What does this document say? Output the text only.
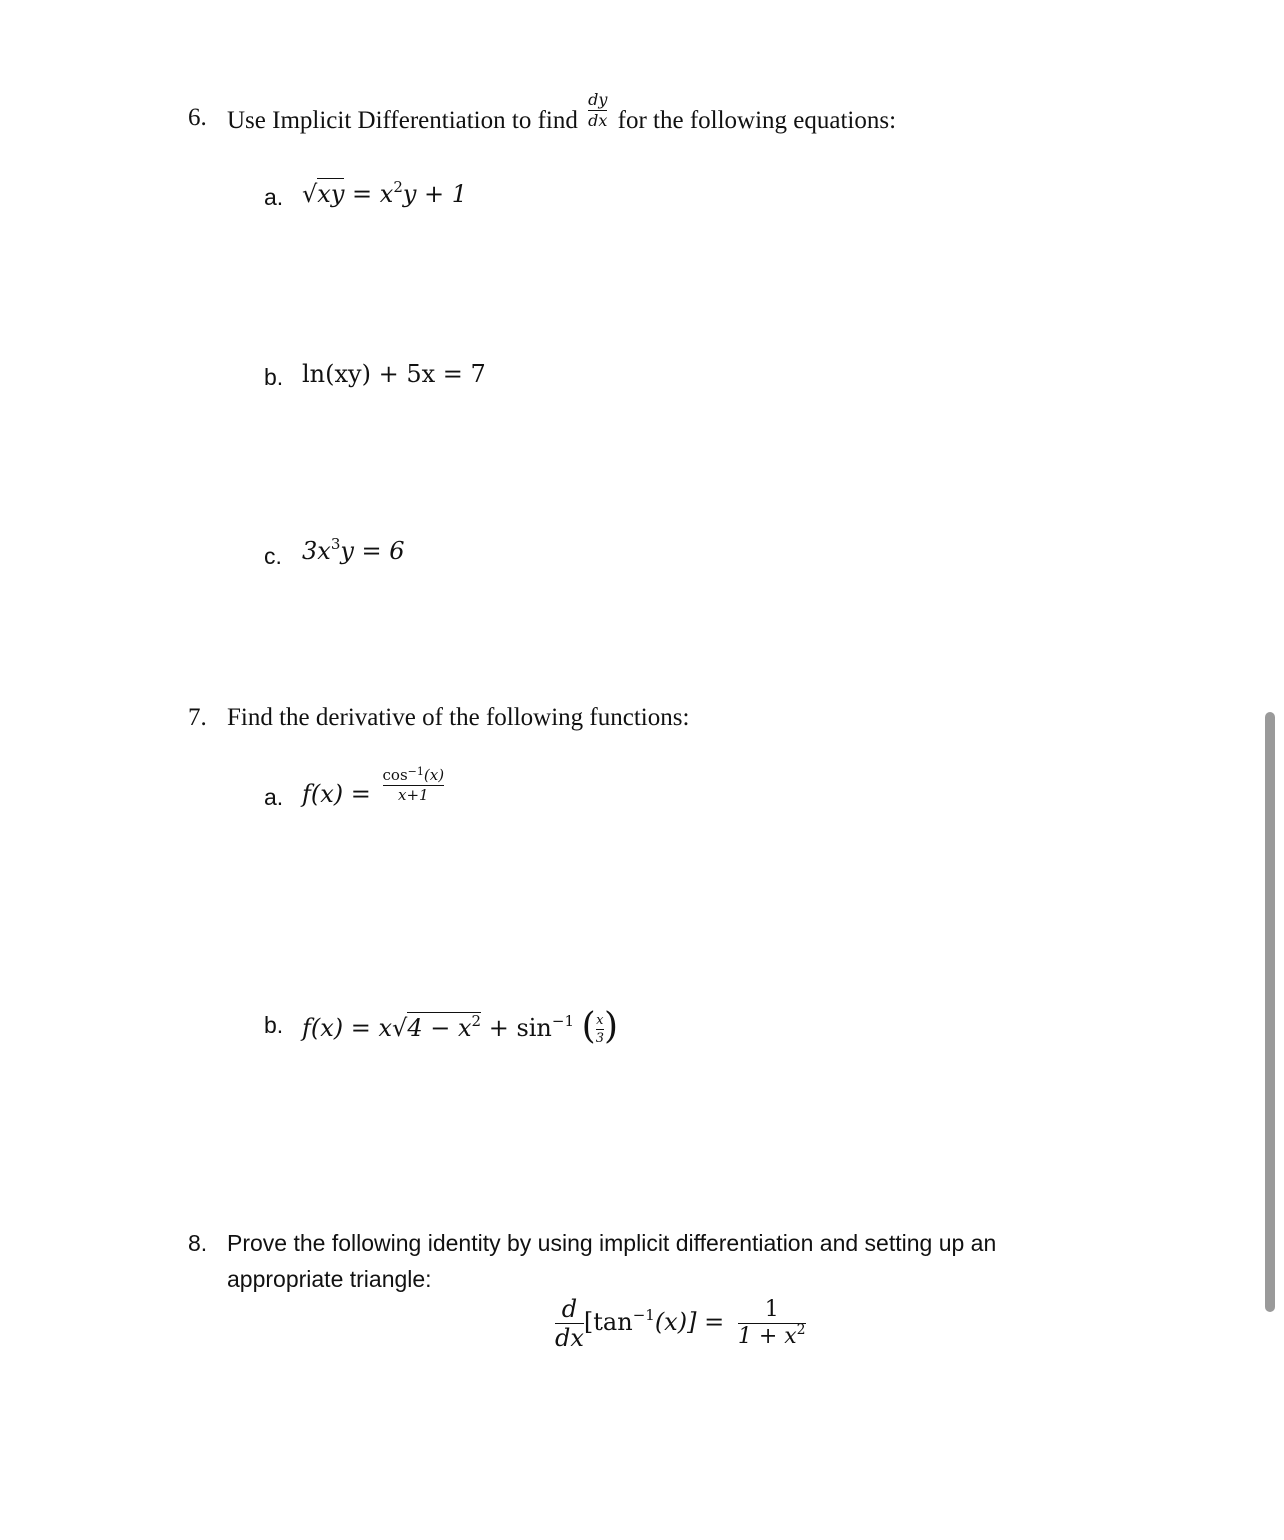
6. Use Implicit Differentiation to find $\frac{dy}{dx}$ for the following equations:
a. $√xy = x^2y + 1$
b. ln(xy) + 5x = 7
c. $3x^3y = 6$
7. Find the derivative of the following functions:
a. $f(x) = \frac{\cos^{-1}(x)}{x+1}$
b. $f(x) = x√4 - x^2 + \sin^{-1}$ ( $\frac{x}{3}$ )
8. Prove the following identity by using implicit differentiation and setting up an
appropriate triangle:
$\frac{d}{dx} [\tan^{-1}(x)] = \frac{1}{1 + x^2}$
